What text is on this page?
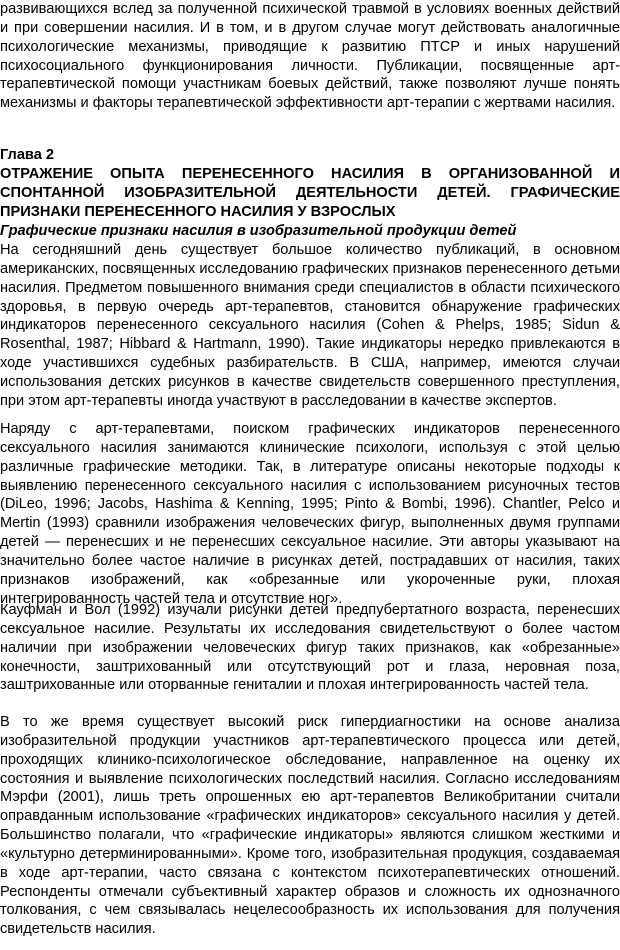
развивающихся вслед за полученной психической травмой в условиях военных действий и при совершении насилия. И в том, и в другом случае могут действовать аналогичные психологические механизмы, приводящие к развитию ПТСР и иных нарушений психосоциального функционирования личности. Публикации, посвященные арт-терапевтической помощи участникам боевых действий, также позволяют лучше понять механизмы и факторы терапевтической эффективности арт-терапии с жертвами насилия.

Глава 2
ОТРАЖЕНИЕ ОПЫТА ПЕРЕНЕСЕННОГО НАСИЛИЯ В ОРГАНИЗОВАННОЙ И СПОНТАННОЙ ИЗОБРАЗИТЕЛЬНОЙ ДЕЯТЕЛЬНОСТИ ДЕТЕЙ. ГРАФИЧЕСКИЕ ПРИЗНАКИ ПЕРЕНЕСЕННОГО НАСИЛИЯ У ВЗРОСЛЫХ
Графические признаки насилия в изобразительной продукции детей

На сегодняшний день существует большое количество публикаций, в основном американских, посвященных исследованию графических признаков перенесенного детьми насилия. Предметом повышенного внимания среди специалистов в области психического здоровья, в первую очередь арт-терапевтов, становится обнаружение графических индикаторов перенесенного сексуального насилия (Cohen & Phelps, 1985; Sidun & Rosenthal, 1987; Hibbard & Hartmann, 1990). Такие индикаторы нередко привлекаются в ходе участившихся судебных разбирательств. В США, например, имеются случаи использования детских рисунков в качестве свидетельств совершенного преступления, при этом арт-терапевты иногда участвуют в расследовании в качестве экспертов.

Наряду с арт-терапевтами, поиском графических индикаторов перенесенного сексуального насилия занимаются клинические психологи, используя с этой целью различные графические методики. Так, в литературе описаны некоторые подходы к выявлению перенесенного сексуального насилия с использованием рисуночных тестов (DiLeo, 1996; Jacobs, Hashima & Kenning, 1995; Pinto & Bombi, 1996). Chantler, Pelco и Mertin (1993) сравнили изображения человеческих фигур, выполненных двумя группами детей — перенесших и не перенесших сексуальное насилие. Эти авторы указывают на значительно более частое наличие в рисунках детей, пострадавших от насилия, таких признаков изображений, как «обрезанные или укороченные руки, плохая интегрированность частей тела и отсутствие ног».

Кауфман и Вол (1992) изучали рисунки детей предпубертатного возраста, перенесших сексуальное насилие. Результаты их исследования свидетельствуют о более частом наличии при изображении человеческих фигур таких признаков, как «обрезанные» конечности, заштрихованный или отсутствующий рот и глаза, неровная поза, заштрихованные или оторванные гениталии и плохая интегрированность частей тела.

В то же время существует высокий риск гипердиагностики на основе анализа изобразительной продукции участников арт-терапевтического процесса или детей, проходящих клинико-психологическое обследование, направленное на оценку их состояния и выявление психологических последствий насилия. Согласно исследованиям Мэрфи (2001), лишь треть опрошенных ею арт-терапевтов Великобритании считали оправданным использование «графических индикаторов» сексуального насилия у детей. Большинство полагали, что «графические индикаторы» являются слишком жесткими и «культурно детерминированными». Кроме того, изобразительная продукция, создаваемая в ходе арт-терапии, часто связана с контекстом психотерапевтических отношений. Респонденты отмечали субъективный характер образов и сложность их однозначного толкования, с чем связывалась нецелесообразность их использования для получения свидетельств насилия.
